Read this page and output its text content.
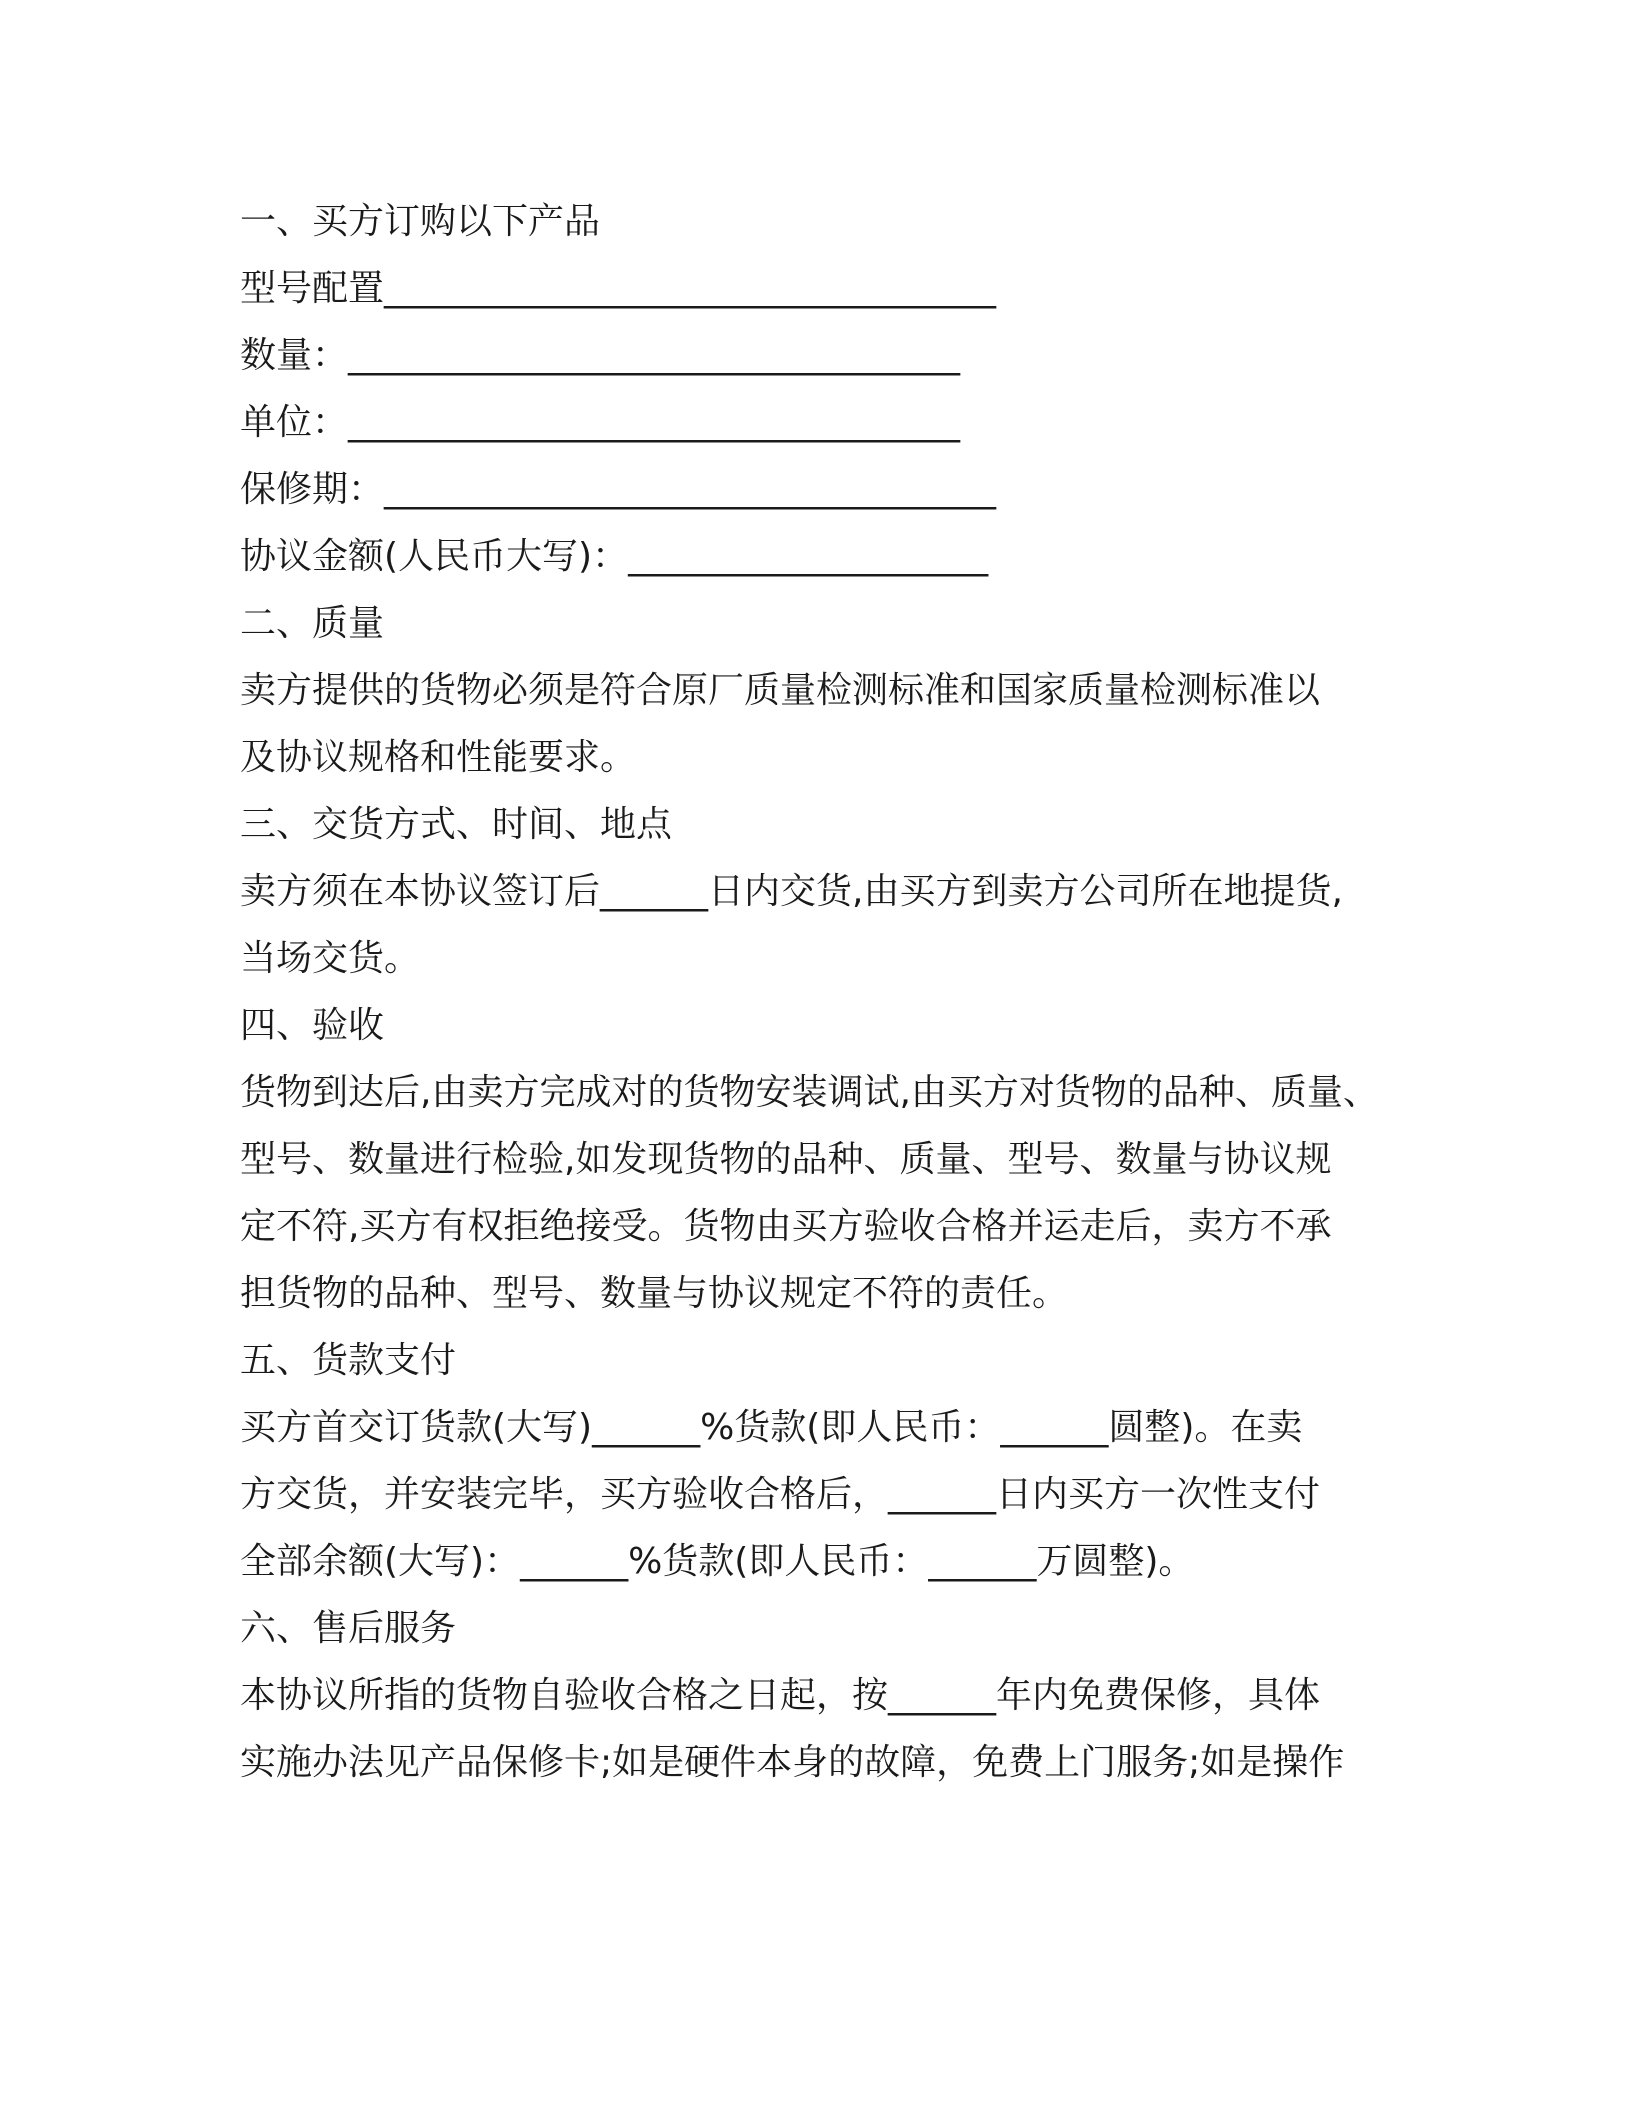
一、买方订购以下产品
型号配置__________________________________
数量：__________________________________
单位：__________________________________
保修期：__________________________________
协议金额(人民币大写)：____________________
二、质量
卖方提供的货物必须是符合原厂质量检测标准和国家质量检测标准以
及协议规格和性能要求。
三、交货方式、时间、地点
卖方须在本协议签订后______日内交货,由买方到卖方公司所在地提货,
当场交货。
四、验收
货物到达后,由卖方完成对的货物安装调试,由买方对货物的品种、质量、
型号、数量进行检验,如发现货物的品种、质量、型号、数量与协议规
定不符,买方有权拒绝接受。货物由买方验收合格并运走后，卖方不承
担货物的品种、型号、数量与协议规定不符的责任。
五、货款支付
买方首交订货款(大写)______%货款(即人民币：______圆整)。在卖
方交货，并安装完毕，买方验收合格后，______日内买方一次性支付
全部余额(大写)：______%货款(即人民币：______万圆整)。
六、售后服务
本协议所指的货物自验收合格之日起，按______年内免费保修，具体
实施办法见产品保修卡;如是硬件本身的故障，免费上门服务;如是操作
